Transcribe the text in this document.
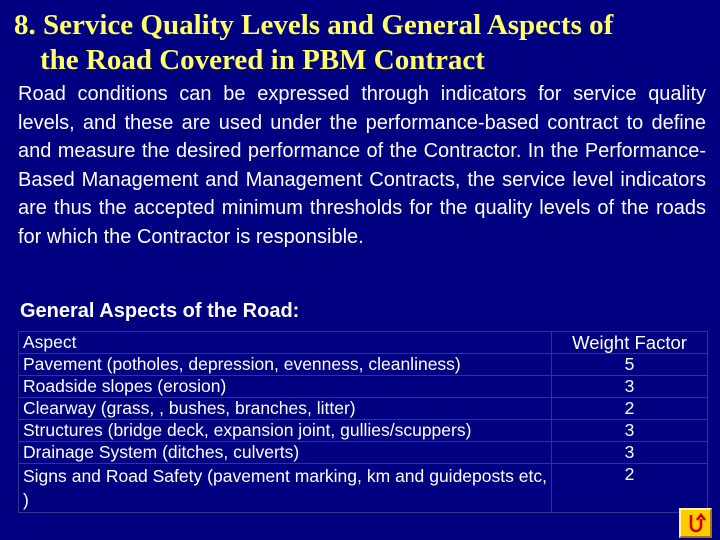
8. Service Quality Levels and General Aspects of
the Road Covered in PBM Contract

Road conditions can be expressed through indicators for service quality levels, and these are used under the performance-based contract to define and measure the desired performance of the Contractor. In the Performance-Based Management and Management Contracts, the service level indicators are thus the accepted minimum thresholds for the quality levels of the roads for which the Contractor is responsible.

General Aspects of the Road:
Aspect	Weight Factor
Pavement (potholes, depression, evenness, cleanliness)	5
Roadside slopes (erosion)	3
Clearway (grass, , bushes, branches, litter)	2
Structures (bridge deck, expansion joint, gullies/scuppers)	3
Drainage System (ditches, culverts)	3
Signs and Road Safety (pavement marking, km and guideposts etc, )	2
